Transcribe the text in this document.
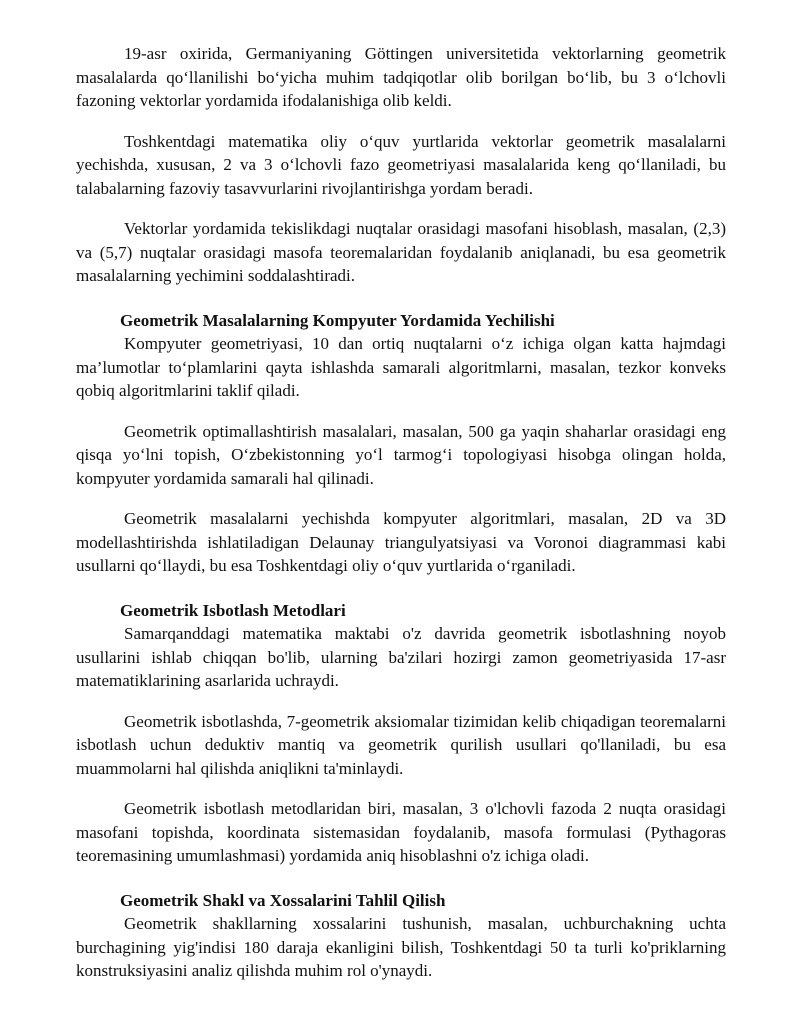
19-asr oxirida, Germaniyaning Göttingen universitetida vektorlarning geometrik masalalarda qo‘llanilishi bo‘yicha muhim tadqiqotlar olib borilgan bo‘lib, bu 3 o‘lchovli fazoning vektorlar yordamida ifodalanishiga olib keldi.

Toshkentdagi matematika oliy o‘quv yurtlarida vektorlar geometrik masalalarni yechishda, xususan, 2 va 3 o‘lchovli fazo geometriyasi masalalarida keng qo‘llaniladi, bu talabalarning fazoviy tasavvurlarini rivojlantirishga yordam beradi.

Vektorlar yordamida tekislikdagi nuqtalar orasidagi masofani hisoblash, masalan, (2,3) va (5,7) nuqtalar orasidagi masofa teoremalaridan foydalanib aniqlanadi, bu esa geometrik masalalarning yechimini soddalashtiradi.

Geometrik Masalalarning Kompyuter Yordamida Yechilishi

Kompyuter geometriyasi, 10 dan ortiq nuqtalarni o‘z ichiga olgan katta hajmdagi ma’lumotlar to‘plamlarini qayta ishlashda samarali algoritmlarni, masalan, tezkor konveks qobiq algoritmlarini taklif qiladi.

Geometrik optimallashtirish masalalari, masalan, 500 ga yaqin shaharlar orasidagi eng qisqa yo‘lni topish, O‘zbekistonning yo‘l tarmog‘i topologiyasi hisobga olingan holda, kompyuter yordamida samarali hal qilinadi.

Geometrik masalalarni yechishda kompyuter algoritmlari, masalan, 2D va 3D modellashtirishda ishlatiladigan Delaunay triangulyatsiyasi va Voronoi diagrammasi kabi usullarni qo‘llaydi, bu esa Toshkentdagi oliy o‘quv yurtlarida o‘rganiladi.

Geometrik Isbotlash Metodlari

Samarqanddagi matematika maktabi o'z davrida geometrik isbotlashning noyob usullarini ishlab chiqqan bo'lib, ularning ba'zilari hozirgi zamon geometriyasida 17-asr matematiklarining asarlarida uchraydi.

Geometrik isbotlashda, 7-geometrik aksiomalar tizimidan kelib chiqadigan teoremalarni isbotlash uchun deduktiv mantiq va geometrik qurilish usullari qo'llaniladi, bu esa muammolarni hal qilishda aniqlikni ta'minlaydi.

Geometrik isbotlash metodlaridan biri, masalan, 3 o'lchovli fazoda 2 nuqta orasidagi masofani topishda, koordinata sistemasidan foydalanib, masofa formulasi (Pythagoras teoremasining umumlashmasi) yordamida aniq hisoblashni o'z ichiga oladi.

Geometrik Shakl va Xossalarini Tahlil Qilish

Geometrik shakllarning xossalarini tushunish, masalan, uchburchakning uchta burchagining yig'indisi 180 daraja ekanligini bilish, Toshkentdagi 50 ta turli ko'priklarning konstruksiyasini analiz qilishda muhim rol o'ynaydi.
